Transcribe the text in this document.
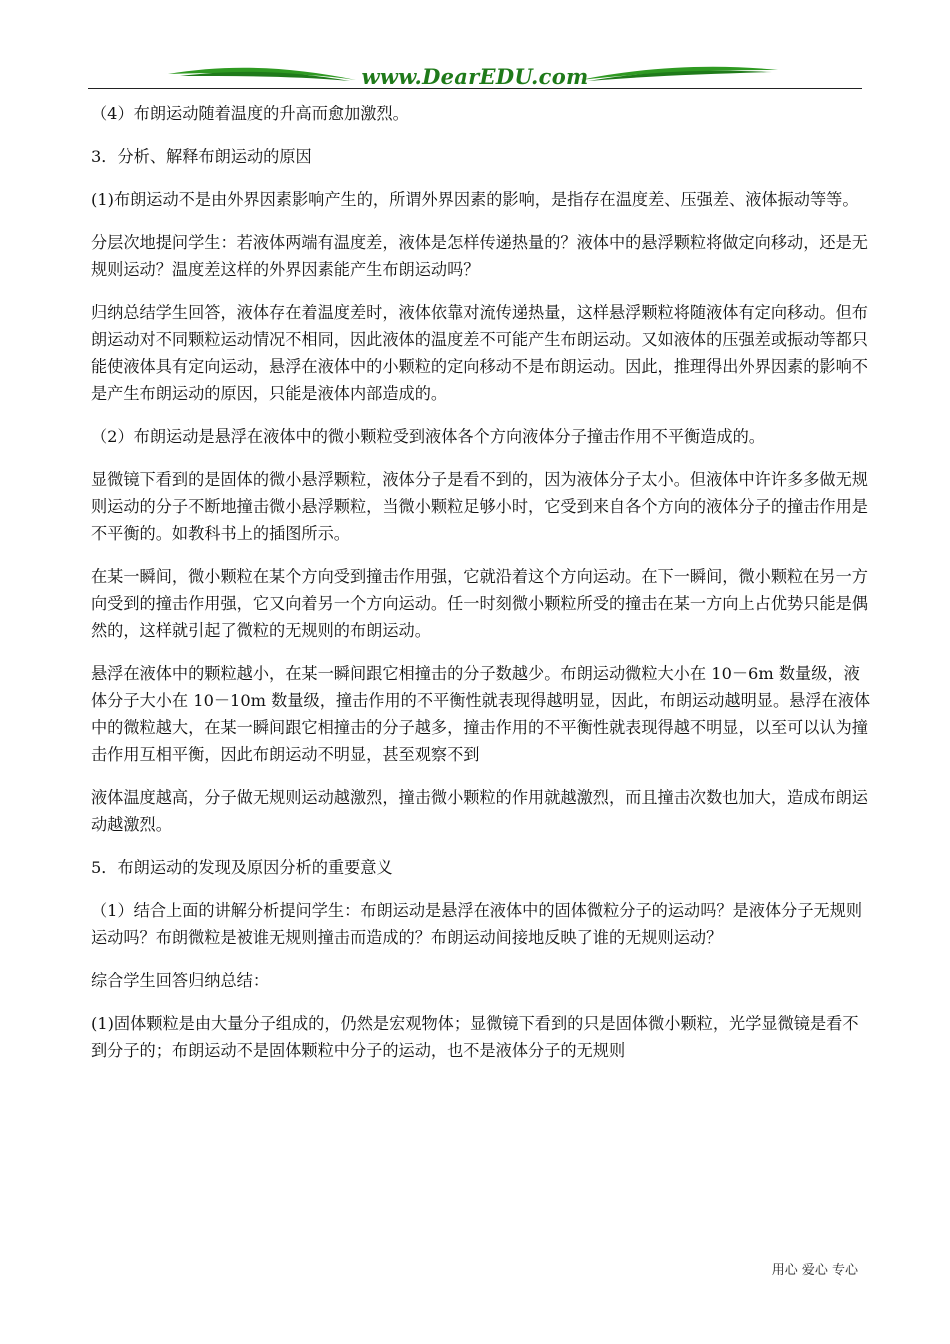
www.DearEDU.com

（4）布朗运动随着温度的升高而愈加激烈。

3．分析、解释布朗运动的原因

(1)布朗运动不是由外界因素影响产生的，所谓外界因素的影响，是指存在温度差、压强差、液体振动等等。

分层次地提问学生：若液体两端有温度差，液体是怎样传递热量的？液体中的悬浮颗粒将做定向移动，还是无规则运动？温度差这样的外界因素能产生布朗运动吗？

归纳总结学生回答，液体存在着温度差时，液体依靠对流传递热量，这样悬浮颗粒将随液体有定向移动。但布朗运动对不同颗粒运动情况不相同，因此液体的温度差不可能产生布朗运动。又如液体的压强差或振动等都只能使液体具有定向运动，悬浮在液体中的小颗粒的定向移动不是布朗运动。因此，推理得出外界因素的影响不是产生布朗运动的原因，只能是液体内部造成的。

（2）布朗运动是悬浮在液体中的微小颗粒受到液体各个方向液体分子撞击作用不平衡造成的。

显微镜下看到的是固体的微小悬浮颗粒，液体分子是看不到的，因为液体分子太小。但液体中许许多多做无规则运动的分子不断地撞击微小悬浮颗粒，当微小颗粒足够小时，它受到来自各个方向的液体分子的撞击作用是不平衡的。如教科书上的插图所示。

在某一瞬间，微小颗粒在某个方向受到撞击作用强，它就沿着这个方向运动。在下一瞬间，微小颗粒在另一方向受到的撞击作用强，它又向着另一个方向运动。任一时刻微小颗粒所受的撞击在某一方向上占优势只能是偶然的，这样就引起了微粒的无规则的布朗运动。

悬浮在液体中的颗粒越小，在某一瞬间跟它相撞击的分子数越少。布朗运动微粒大小在 10－6m 数量级，液体分子大小在 10－10m 数量级，撞击作用的不平衡性就表现得越明显，因此，布朗运动越明显。悬浮在液体中的微粒越大，在某一瞬间跟它相撞击的分子越多，撞击作用的不平衡性就表现得越不明显，以至可以认为撞击作用互相平衡，因此布朗运动不明显，甚至观察不到

液体温度越高，分子做无规则运动越激烈，撞击微小颗粒的作用就越激烈，而且撞击次数也加大，造成布朗运动越激烈。

5．布朗运动的发现及原因分析的重要意义

（1）结合上面的讲解分析提问学生：布朗运动是悬浮在液体中的固体微粒分子的运动吗？是液体分子无规则运动吗？布朗微粒是被谁无规则撞击而造成的？布朗运动间接地反映了谁的无规则运动？

综合学生回答归纳总结：

(1)固体颗粒是由大量分子组成的，仍然是宏观物体；显微镜下看到的只是固体微小颗粒，光学显微镜是看不到分子的；布朗运动不是固体颗粒中分子的运动，也不是液体分子的无规则

用心 爱心 专心
